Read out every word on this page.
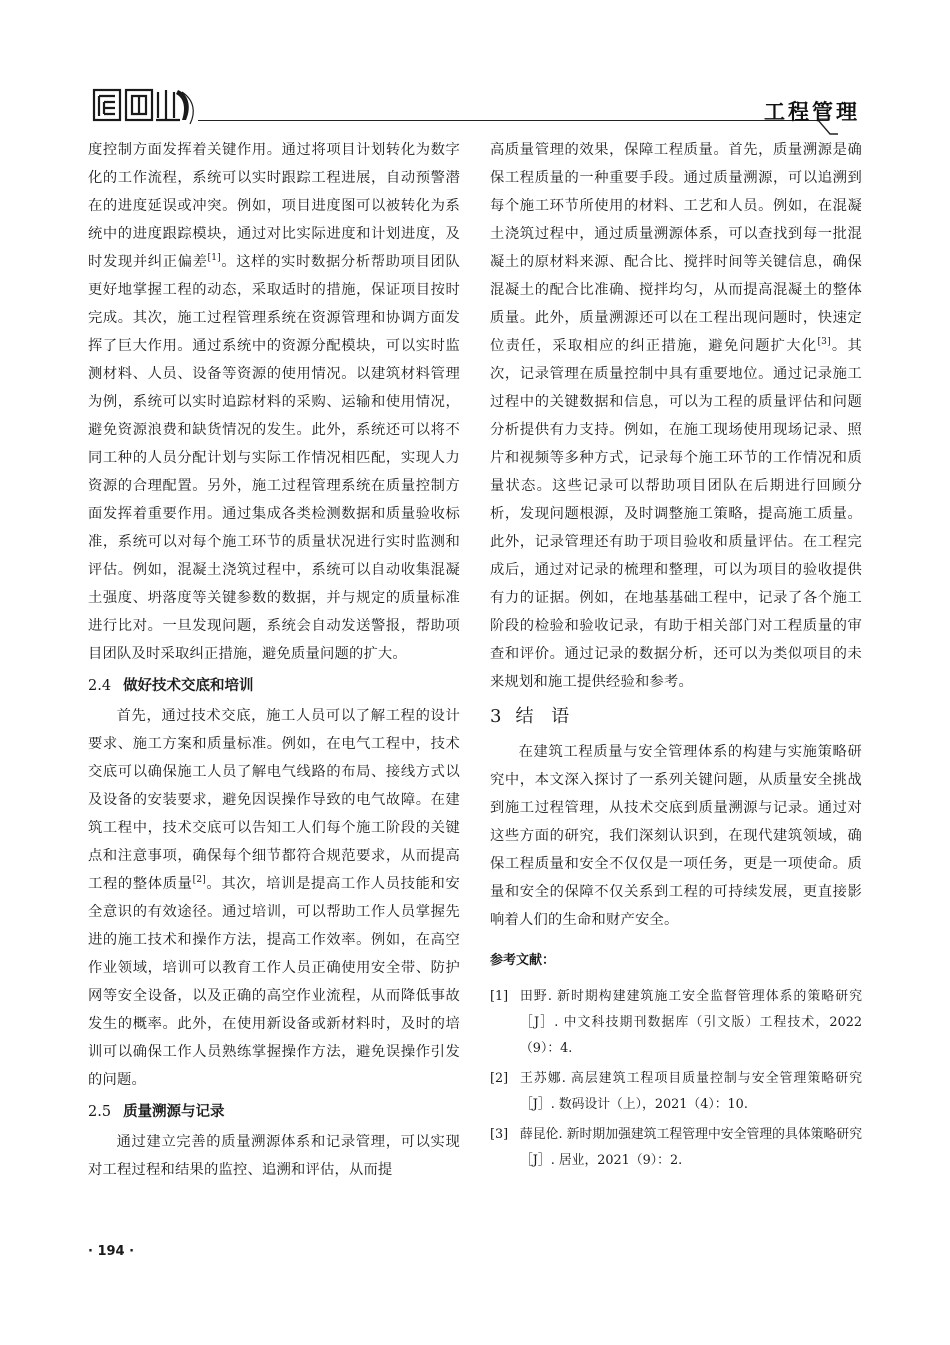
工程管理

度控制方面发挥着关键作用。通过将项目计划转化为数字化的工作流程，系统可以实时跟踪工程进展，自动预警潜在的进度延误或冲突。例如，项目进度图可以被转化为系统中的进度跟踪模块，通过对比实际进度和计划进度，及时发现并纠正偏差[1]。这样的实时数据分析帮助项目团队更好地掌握工程的动态，采取适时的措施，保证项目按时完成。其次，施工过程管理系统在资源管理和协调方面发挥了巨大作用。通过系统中的资源分配模块，可以实时监测材料、人员、设备等资源的使用情况。以建筑材料管理为例，系统可以实时追踪材料的采购、运输和使用情况，避免资源浪费和缺货情况的发生。此外，系统还可以将不同工种的人员分配计划与实际工作情况相匹配，实现人力资源的合理配置。另外，施工过程管理系统在质量控制方面发挥着重要作用。通过集成各类检测数据和质量验收标准，系统可以对每个施工环节的质量状况进行实时监测和评估。例如，混凝土浇筑过程中，系统可以自动收集混凝土强度、坍落度等关键参数的数据，并与规定的质量标准进行比对。一旦发现问题，系统会自动发送警报，帮助项目团队及时采取纠正措施，避免质量问题的扩大。

2.4 做好技术交底和培训

首先，通过技术交底，施工人员可以了解工程的设计要求、施工方案和质量标准。例如，在电气工程中，技术交底可以确保施工人员了解电气线路的布局、接线方式以及设备的安装要求，避免因误操作导致的电气故障。在建筑工程中，技术交底可以告知工人们每个施工阶段的关键点和注意事项，确保每个细节都符合规范要求，从而提高工程的整体质量[2]。其次，培训是提高工作人员技能和安全意识的有效途径。通过培训，可以帮助工作人员掌握先进的施工技术和操作方法，提高工作效率。例如，在高空作业领域，培训可以教育工作人员正确使用安全带、防护网等安全设备，以及正确的高空作业流程，从而降低事故发生的概率。此外，在使用新设备或新材料时，及时的培训可以确保工作人员熟练掌握操作方法，避免误操作引发的问题。

2.5 质量溯源与记录

通过建立完善的质量溯源体系和记录管理，可以实现对工程过程和结果的监控、追溯和评估，从而提

高质量管理的效果，保障工程质量。首先，质量溯源是确保工程质量的一种重要手段。通过质量溯源，可以追溯到每个施工环节所使用的材料、工艺和人员。例如，在混凝土浇筑过程中，通过质量溯源体系，可以查找到每一批混凝土的原材料来源、配合比、搅拌时间等关键信息，确保混凝土的配合比准确、搅拌均匀，从而提高混凝土的整体质量。此外，质量溯源还可以在工程出现问题时，快速定位责任，采取相应的纠正措施，避免问题扩大化[3]。其次，记录管理在质量控制中具有重要地位。通过记录施工过程中的关键数据和信息，可以为工程的质量评估和问题分析提供有力支持。例如，在施工现场使用现场记录、照片和视频等多种方式，记录每个施工环节的工作情况和质量状态。这些记录可以帮助项目团队在后期进行回顾分析，发现问题根源，及时调整施工策略，提高施工质量。此外，记录管理还有助于项目验收和质量评估。在工程完成后，通过对记录的梳理和整理，可以为项目的验收提供有力的证据。例如，在地基基础工程中，记录了各个施工阶段的检验和验收记录，有助于相关部门对工程质量的审查和评价。通过记录的数据分析，还可以为类似项目的未来规划和施工提供经验和参考。

3 结 语

在建筑工程质量与安全管理体系的构建与实施策略研究中，本文深入探讨了一系列关键问题，从质量安全挑战到施工过程管理，从技术交底到质量溯源与记录。通过对这些方面的研究，我们深刻认识到，在现代建筑领域，确保工程质量和安全不仅仅是一项任务，更是一项使命。质量和安全的保障不仅关系到工程的可持续发展，更直接影响着人们的生命和财产安全。

参考文献：
[1] 田野. 新时期构建建筑施工安全监督管理体系的策略研究［J］. 中文科技期刊数据库（引文版）工程技术，2022（9）：4.
[2] 王苏娜. 高层建筑工程项目质量控制与安全管理策略研究［J］. 数码设计（上），2021（4）：10.
[3] 薛昆伦. 新时期加强建筑工程管理中安全管理的具体策略研究［J］. 居业，2021（9）：2.
· 194 ·
